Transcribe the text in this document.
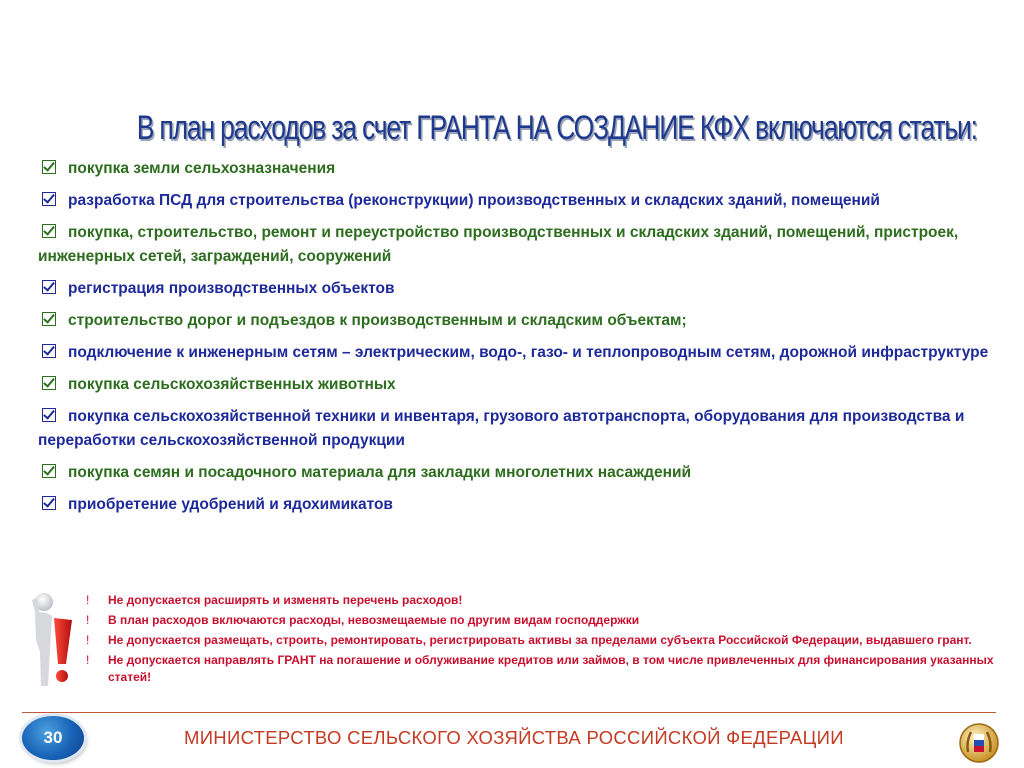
В план расходов за счет ГРАНТА НА СОЗДАНИЕ КФХ включаются статьи:
покупка земли сельхозназначения
разработка ПСД для строительства (реконструкции) производственных и складских зданий, помещений
покупка, строительство, ремонт и переустройство производственных и складских зданий, помещений, пристроек, инженерных сетей, заграждений, сооружений
регистрация производственных объектов
строительство дорог и подъездов к производственным и складским объектам;
подключение к инженерным сетям – электрическим, водо-, газо- и теплопроводным сетям, дорожной инфраструктуре
покупка сельскохозяйственных животных
покупка сельскохозяйственной техники и инвентаря, грузового автотранспорта, оборудования для производства и переработки сельскохозяйственной продукции
покупка семян и посадочного материала для закладки многолетних насаждений
приобретение удобрений и ядохимикатов
! Не допускается расширять и изменять перечень расходов!
! В план расходов включаются расходы, невозмещаемые по другим видам господдержки
! Не допускается размещать, строить, ремонтировать, регистрировать активы за пределами субъекта Российской Федерации, выдавшего грант.
! Не допускается направлять ГРАНТ на погашение и облуживание кредитов или займов, в том числе привлеченных для финансирования указанных статей!
30	МИНИСТЕРСТВО СЕЛЬСКОГО ХОЗЯЙСТВА РОССИЙСКОЙ ФЕДЕРАЦИИ
